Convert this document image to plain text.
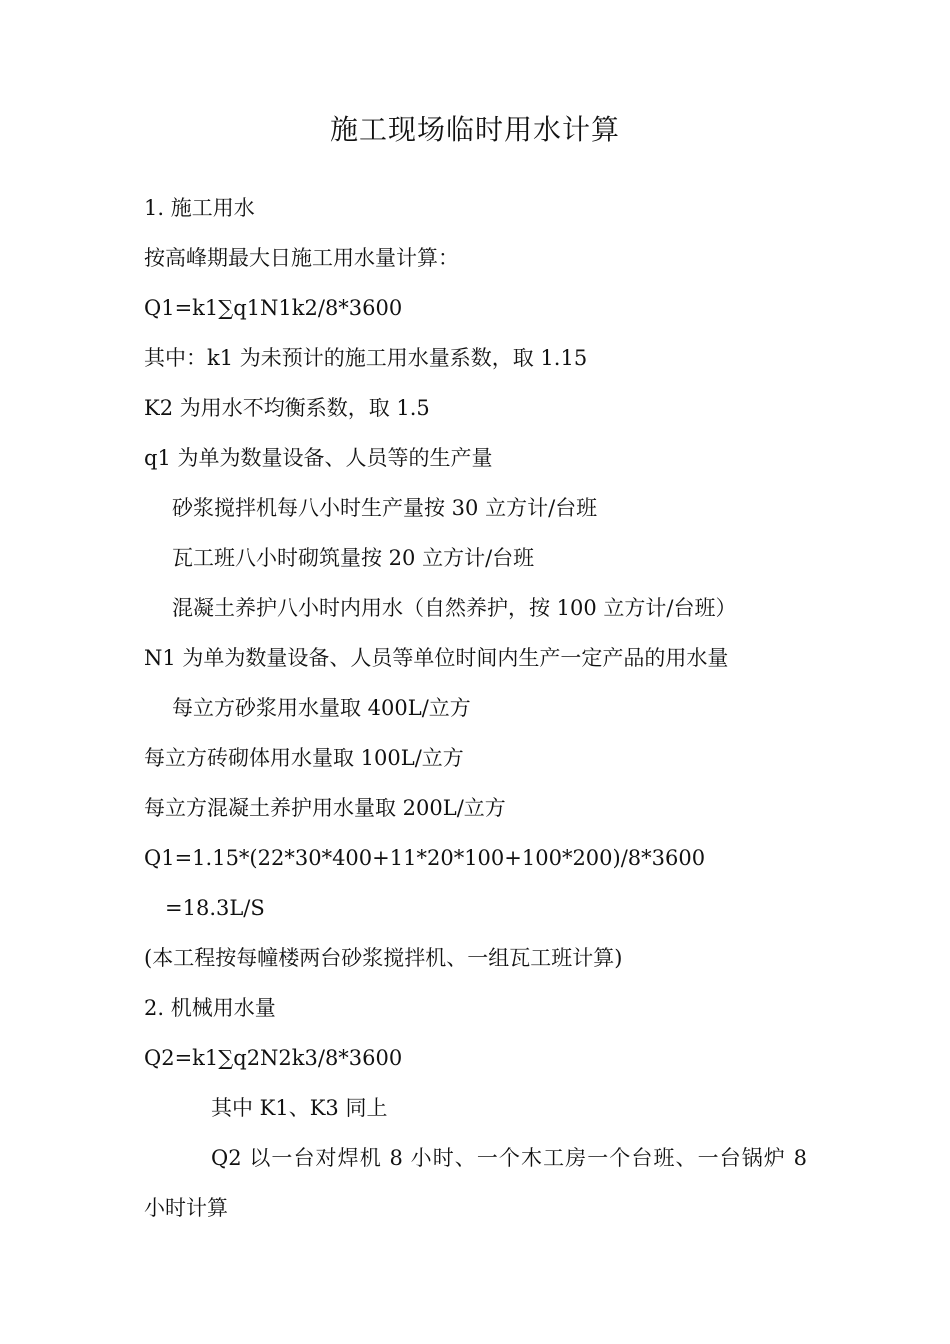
施工现场临时用水计算
1. 施工用水
按高峰期最大日施工用水量计算：
Q1=k1∑q1N1k2/8*3600
其中：k1 为未预计的施工用水量系数，取 1.15
K2 为用水不均衡系数，取 1.5
q1 为单为数量设备、人员等的生产量
砂浆搅拌机每八小时生产量按 30 立方计/台班
瓦工班八小时砌筑量按 20 立方计/台班
混凝土养护八小时内用水（自然养护，按 100 立方计/台班）
N1 为单为数量设备、人员等单位时间内生产一定产品的用水量
每立方砂浆用水量取 400L/立方
每立方砖砌体用水量取 100L/立方
每立方混凝土养护用水量取 200L/立方
Q1=1.15*(22*30*400+11*20*100+100*200)/8*3600
=18.3L/S
(本工程按每幢楼两台砂浆搅拌机、一组瓦工班计算)
2. 机械用水量
Q2=k1∑q2N2k3/8*3600
其中 K1、K3 同上
Q2 以一台对焊机 8 小时、一个木工房一个台班、一台锅炉 8
小时计算
